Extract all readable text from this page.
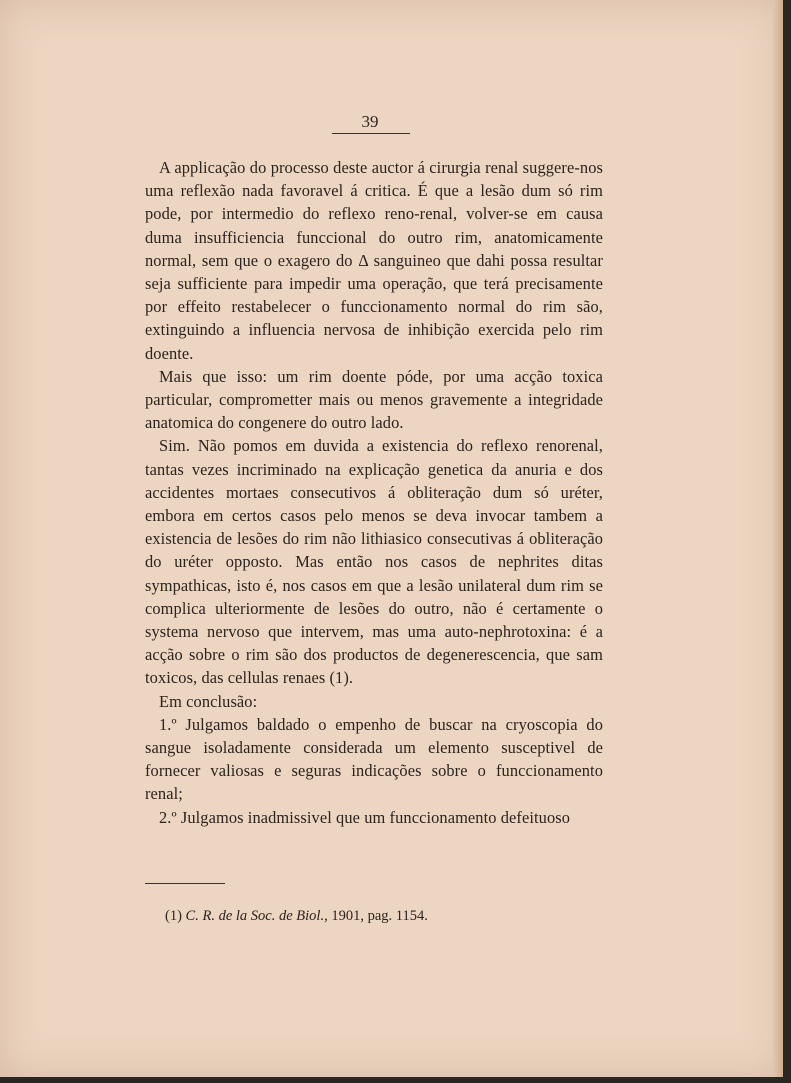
39

A applicação do processo deste auctor á cirurgia renal suggere-nos uma reflexão nada favoravel á critica. É que a lesão dum só rim pode, por intermedio do reflexo reno-renal, volver-se em causa duma insufficiencia funccional do outro rim, anatomicamente normal, sem que o exagero do Δ sanguineo que dahi possa resultar seja sufficiente para impedir uma operação, que terá precisamente por effeito restabelecer o funccionamento normal do rim são, extinguindo a influencia nervosa de inhibição exercida pelo rim doente.

Mais que isso: um rim doente póde, por uma acção toxica particular, comprometter mais ou menos gravemente a integridade anatomica do congenere do outro lado.

Sim. Não pomos em duvida a existencia do reflexo renorenal, tantas vezes incriminado na explicação genetica da anuria e dos accidentes mortaes consecutivos á obliteração dum só uréter, embora em certos casos pelo menos se deva invocar tambem a existencia de lesões do rim não lithiasico consecutivas á obliteração do uréter opposto. Mas então nos casos de nephrites ditas sympathicas, isto é, nos casos em que a lesão unilateral dum rim se complica ulteriormente de lesões do outro, não é certamente o systema nervoso que intervem, mas uma auto-nephrotoxina: é a acção sobre o rim são dos productos de degenerescencia, que sam toxicos, das cellulas renaes (1).

Em conclusão:

1.º Julgamos baldado o empenho de buscar na cryoscopia do sangue isoladamente considerada um elemento susceptivel de fornecer valiosas e seguras indicações sobre o funccionamento renal;

2.º Julgamos inadmissivel que um funccionamento defeituoso

(1) C. R. de la Soc. de Biol., 1901, pag. 1154.
